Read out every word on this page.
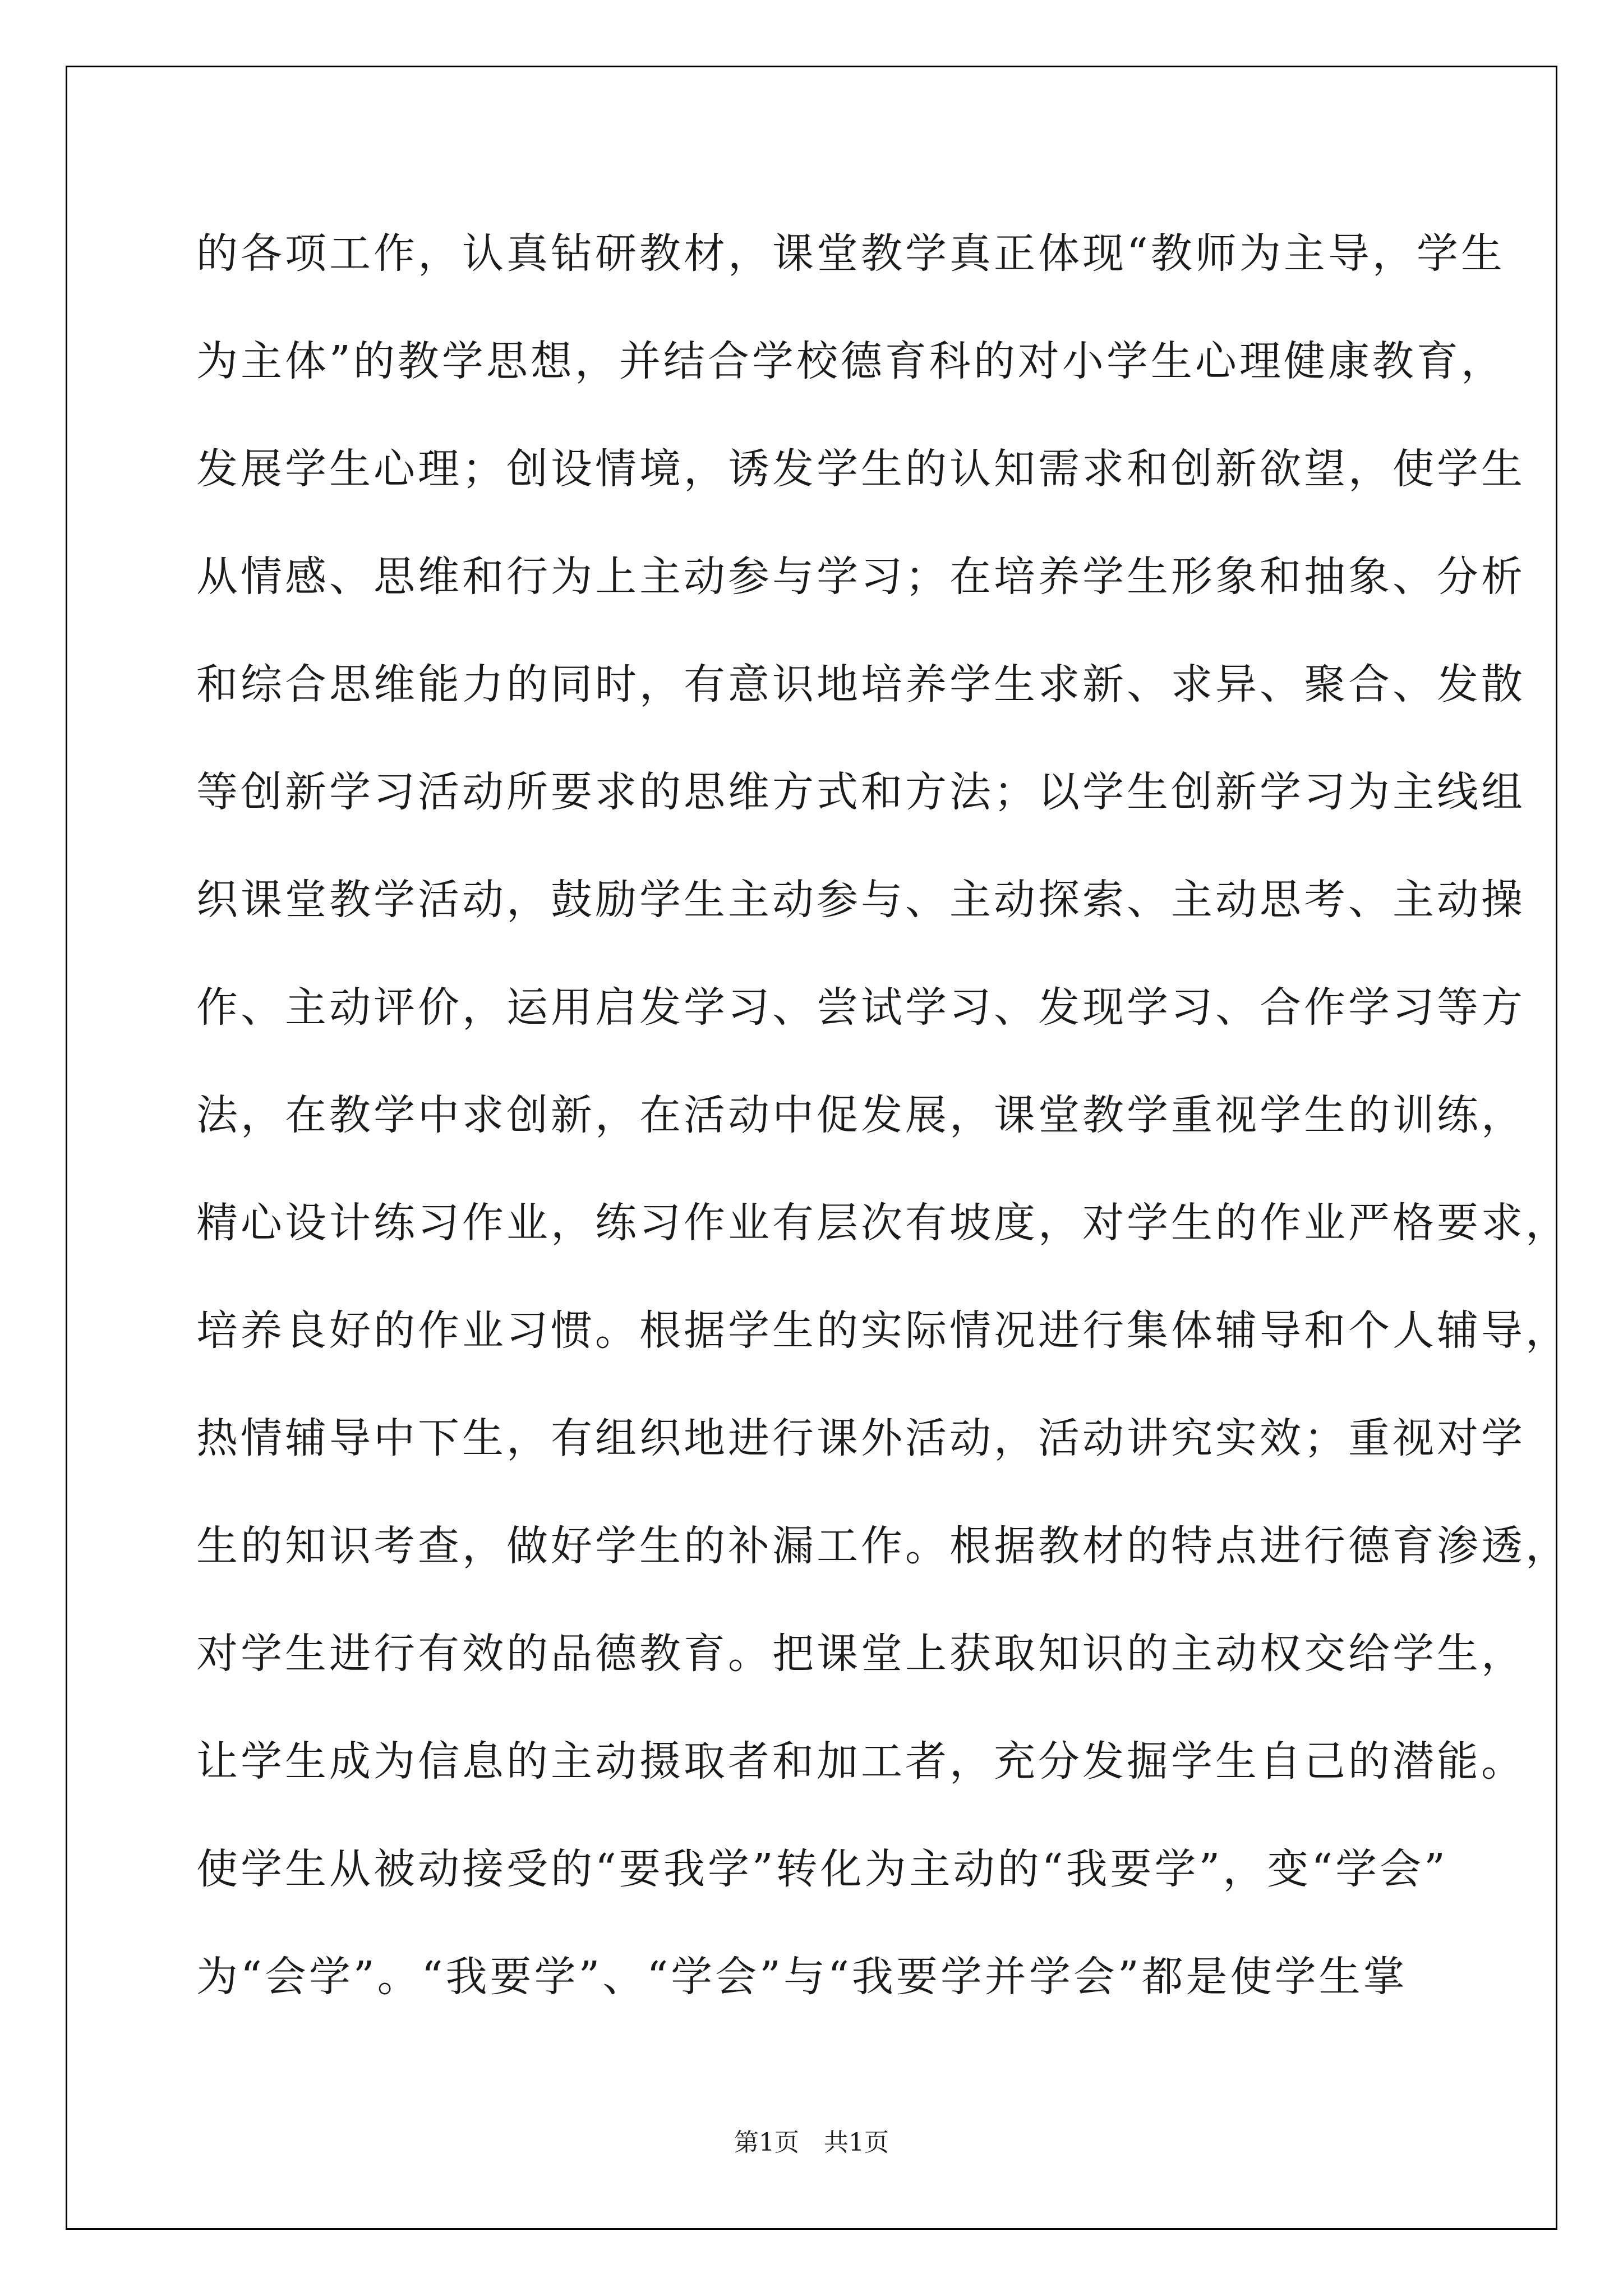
的各项工作，认真钻研教材，课堂教学真正体现“教师为主导，学生
为主体”的教学思想，并结合学校德育科的对小学生心理健康教育，
发展学生心理；创设情境，诱发学生的认知需求和创新欲望，使学生
从情感、思维和行为上主动参与学习；在培养学生形象和抽象、分析
和综合思维能力的同时，有意识地培养学生求新、求异、聚合、发散
等创新学习活动所要求的思维方式和方法；以学生创新学习为主线组
织课堂教学活动，鼓励学生主动参与、主动探索、主动思考、主动操
作、主动评价，运用启发学习、尝试学习、发现学习、合作学习等方
法，在教学中求创新，在活动中促发展，课堂教学重视学生的训练，
精心设计练习作业，练习作业有层次有坡度，对学生的作业严格要求，
培养良好的作业习惯。根据学生的实际情况进行集体辅导和个人辅导，
热情辅导中下生，有组织地进行课外活动，活动讲究实效；重视对学
生的知识考查，做好学生的补漏工作。根据教材的特点进行德育渗透，
对学生进行有效的品德教育。把课堂上获取知识的主动权交给学生，
让学生成为信息的主动摄取者和加工者，充分发掘学生自己的潜能。
使学生从被动接受的“要我学”转化为主动的“我要学”，变“学会”
为“会学”。“我要学”、“学会”与“我要学并学会”都是使学生掌
第1页　共1页
